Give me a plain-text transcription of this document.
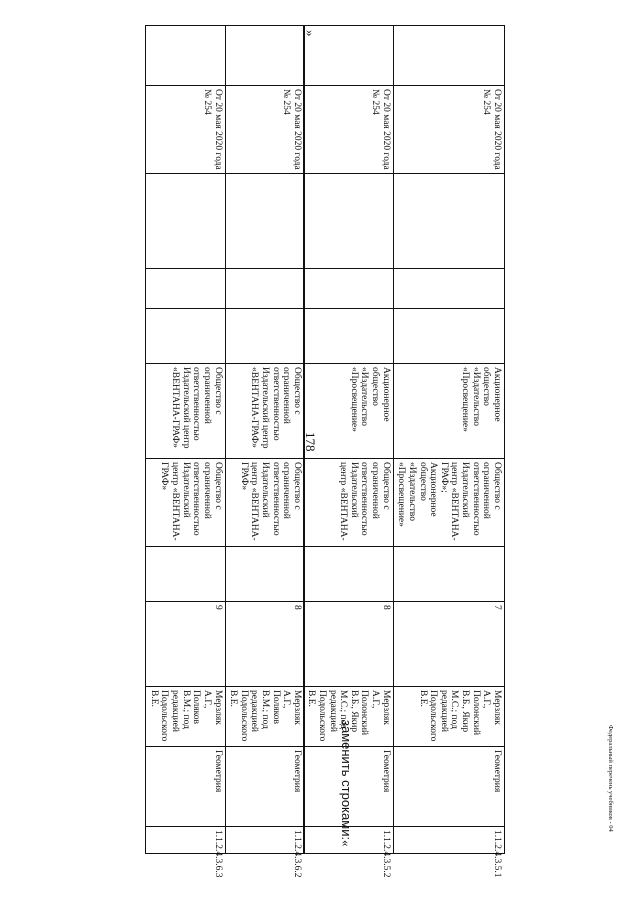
178
	От 20 мая 2020 года № 254				Общество с ограниченной ответственностью Издательский центр «ВЕНТАНА-ГРАФ»	Общество с ограниченной ответственностью Издательский центр «ВЕНТАНА-ГРАФ»		8	Мерзляк А.Г., Поляков В.М.; под редакцией Подольского В.Е.	Геометрия	1.1.2.4.3.6.2
	От 20 мая 2020 года № 254				Общество с ограниченной ответственностью Издательский центр «ВЕНТАНА-ГРАФ»	Общество с ограниченной ответственностью Издательский центр «ВЕНТАНА-ГРАФ»		9	Мерзляк А.Г., Поляков В.М.; под редакцией Подольского В.Е.	Геометрия	1.1.2.4.3.6.3
»
заменить строками:
«
	От 20 мая 2020 года № 254				Акционерное общество «Издательство «Просвещение»	Общество с ограниченной ответственностью Издательский центр «ВЕНТАНА-ГРАФ»; Акционерное общество «Издательство «Просвещение»		7	Мерзляк А.Г., Полонский В.Б., Якир М.С.; под редакцией Подольского В.Е.	Геометрия	1.1.2.4.3.5.1
	От 20 мая 2020 года № 254				Акционерное общество «Издательство «Просвещение»	Общество с ограниченной ответственностью Издательский центр «ВЕНТАНА-		8	Мерзляк А.Г., Полонский В.Б., Якир М.С.; под редакцией Подольского В.Е.	Геометрия	1.1.2.4.3.5.2
Федеральный перечень учебников - 04
